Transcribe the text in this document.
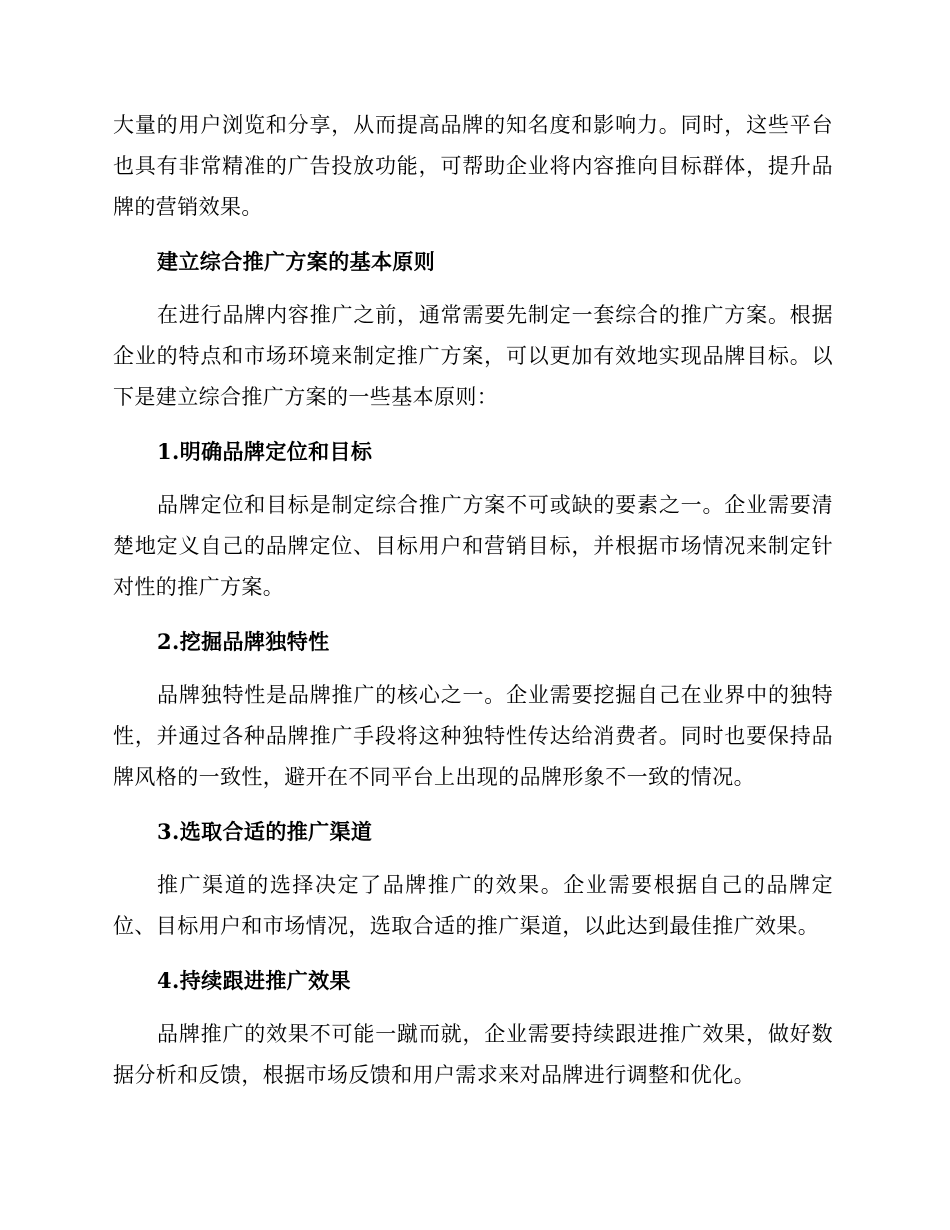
大量的用户浏览和分享，从而提高品牌的知名度和影响力。同时，这些平台也具有非常精准的广告投放功能，可帮助企业将内容推向目标群体，提升品牌的营销效果。

建立综合推广方案的基本原则

在进行品牌内容推广之前，通常需要先制定一套综合的推广方案。根据企业的特点和市场环境来制定推广方案，可以更加有效地实现品牌目标。以下是建立综合推广方案的一些基本原则：

1.明确品牌定位和目标

品牌定位和目标是制定综合推广方案不可或缺的要素之一。企业需要清楚地定义自己的品牌定位、目标用户和营销目标，并根据市场情况来制定针对性的推广方案。

2.挖掘品牌独特性

品牌独特性是品牌推广的核心之一。企业需要挖掘自己在业界中的独特性，并通过各种品牌推广手段将这种独特性传达给消费者。同时也要保持品牌风格的一致性，避开在不同平台上出现的品牌形象不一致的情况。

3.选取合适的推广渠道

推广渠道的选择决定了品牌推广的效果。企业需要根据自己的品牌定位、目标用户和市场情况，选取合适的推广渠道，以此达到最佳推广效果。

4.持续跟进推广效果

品牌推广的效果不可能一蹴而就，企业需要持续跟进推广效果，做好数据分析和反馈，根据市场反馈和用户需求来对品牌进行调整和优化。
